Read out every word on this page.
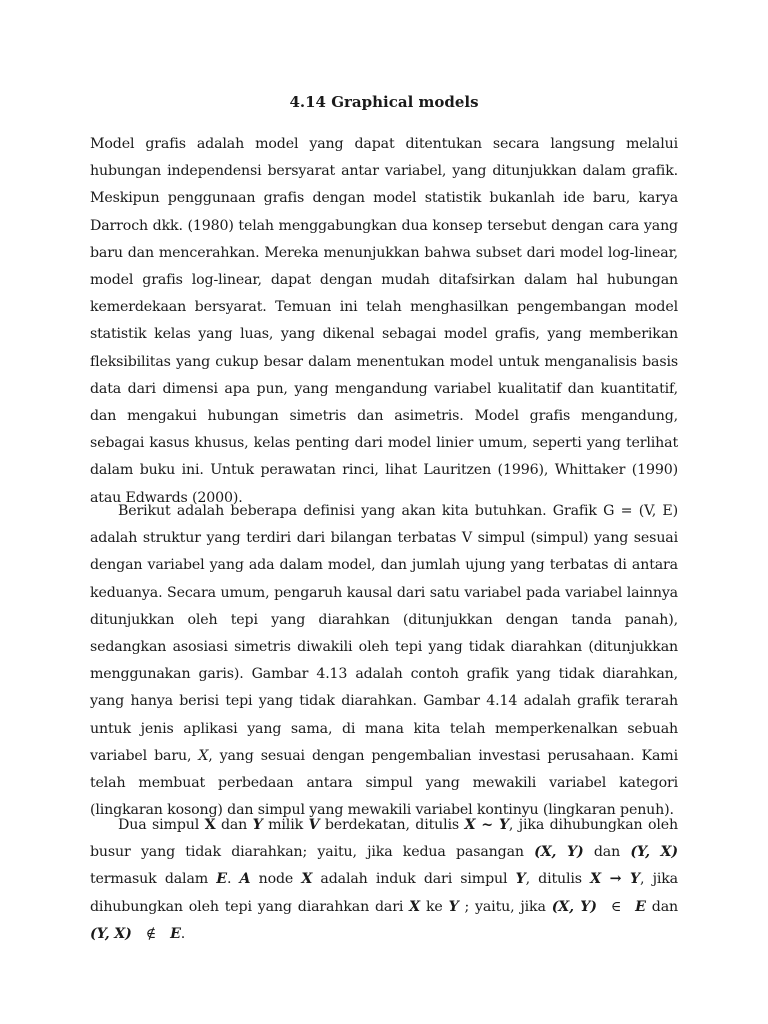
4.14 Graphical models

Model grafis adalah model yang dapat ditentukan secara langsung melalui hubungan independensi bersyarat antar variabel, yang ditunjukkan dalam grafik. Meskipun penggunaan grafis dengan model statistik bukanlah ide baru, karya Darroch dkk. (1980) telah menggabungkan dua konsep tersebut dengan cara yang baru dan mencerahkan. Mereka menunjukkan bahwa subset dari model log-linear, model grafis log-linear, dapat dengan mudah ditafsirkan dalam hal hubungan kemerdekaan bersyarat. Temuan ini telah menghasilkan pengembangan model statistik kelas yang luas, yang dikenal sebagai model grafis, yang memberikan fleksibilitas yang cukup besar dalam menentukan model untuk menganalisis basis data dari dimensi apa pun, yang mengandung variabel kualitatif dan kuantitatif, dan mengakui hubungan simetris dan asimetris. Model grafis mengandung, sebagai kasus khusus, kelas penting dari model linier umum, seperti yang terlihat dalam buku ini. Untuk perawatan rinci, lihat Lauritzen (1996), Whittaker (1990) atau Edwards (2000).

Berikut adalah beberapa definisi yang akan kita butuhkan. Grafik G = (V, E) adalah struktur yang terdiri dari bilangan terbatas V simpul (simpul) yang sesuai dengan variabel yang ada dalam model, dan jumlah ujung yang terbatas di antara keduanya. Secara umum, pengaruh kausal dari satu variabel pada variabel lainnya ditunjukkan oleh tepi yang diarahkan (ditunjukkan dengan tanda panah), sedangkan asosiasi simetris diwakili oleh tepi yang tidak diarahkan (ditunjukkan menggunakan garis). Gambar 4.13 adalah contoh grafik yang tidak diarahkan, yang hanya berisi tepi yang tidak diarahkan. Gambar 4.14 adalah grafik terarah untuk jenis aplikasi yang sama, di mana kita telah memperkenalkan sebuah variabel baru, X, yang sesuai dengan pengembalian investasi perusahaan. Kami telah membuat perbedaan antara simpul yang mewakili variabel kategori (lingkaran kosong) dan simpul yang mewakili variabel kontinyu (lingkaran penuh).

Dua simpul X dan Y milik V berdekatan, ditulis X ~ Y, jika dihubungkan oleh busur yang tidak diarahkan; yaitu, jika kedua pasangan (X, Y) dan (Y, X) termasuk dalam E. A node X adalah induk dari simpul Y, ditulis X → Y, jika dihubungkan oleh tepi yang diarahkan dari X ke Y ; yaitu, jika (X, Y) ∈ E dan (Y, X) ∉ E.
